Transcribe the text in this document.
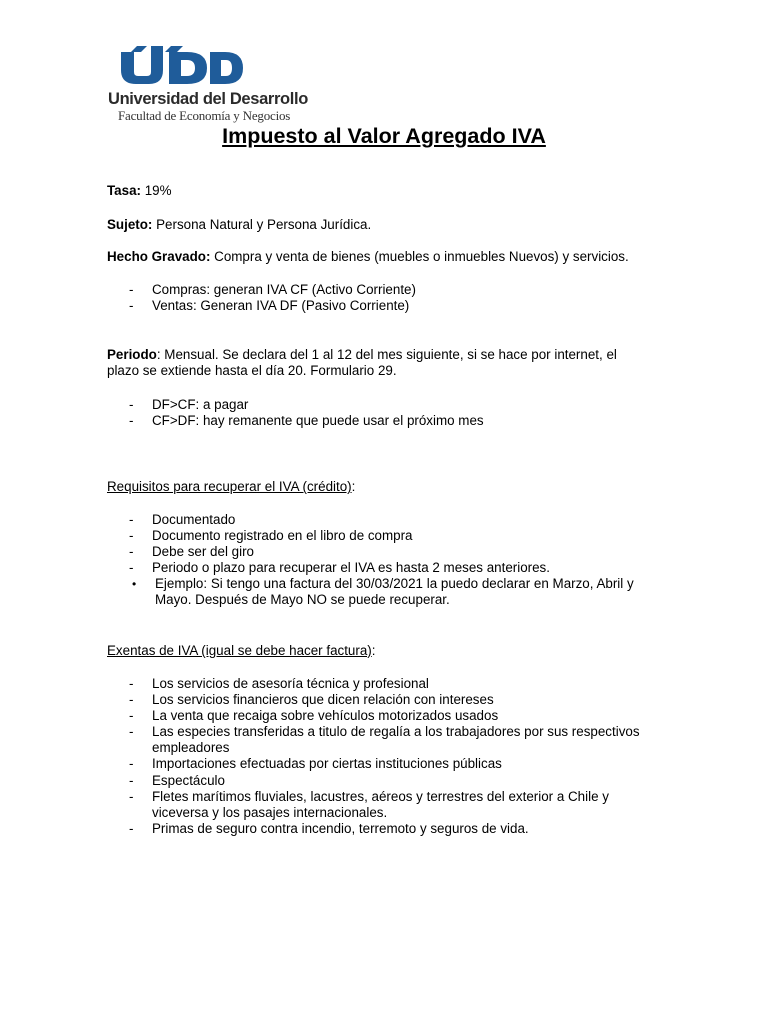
Universidad del Desarrollo
Facultad de Economía y Negocios
Impuesto al Valor Agregado IVA
Tasa: 19%
Sujeto: Persona Natural y Persona Jurídica.
Hecho Gravado: Compra y venta de bienes (muebles o inmuebles Nuevos) y servicios.
- Compras: generan IVA CF (Activo Corriente)
- Ventas: Generan IVA DF (Pasivo Corriente)
Periodo: Mensual. Se declara del 1 al 12 del mes siguiente, si se hace por internet, el
plazo se extiende hasta el día 20. Formulario 29.
- DF>CF: a pagar
- CF>DF: hay remanente que puede usar el próximo mes
Requisitos para recuperar el IVA (crédito):
- Documentado
- Documento registrado en el libro de compra
- Debe ser del giro
- Periodo o plazo para recuperar el IVA es hasta 2 meses anteriores.
• Ejemplo: Si tengo una factura del 30/03/2021 la puedo declarar en Marzo, Abril y
Mayo. Después de Mayo NO se puede recuperar.
Exentas de IVA (igual se debe hacer factura):
- Los servicios de asesoría técnica y profesional
- Los servicios financieros que dicen relación con intereses
- La venta que recaiga sobre vehículos motorizados usados
- Las especies transferidas a titulo de regalía a los trabajadores por sus respectivos
empleadores
- Importaciones efectuadas por ciertas instituciones públicas
- Espectáculo
- Fletes marítimos fluviales, lacustres, aéreos y terrestres del exterior a Chile y
viceversa y los pasajes internacionales.
- Primas de seguro contra incendio, terremoto y seguros de vida.
